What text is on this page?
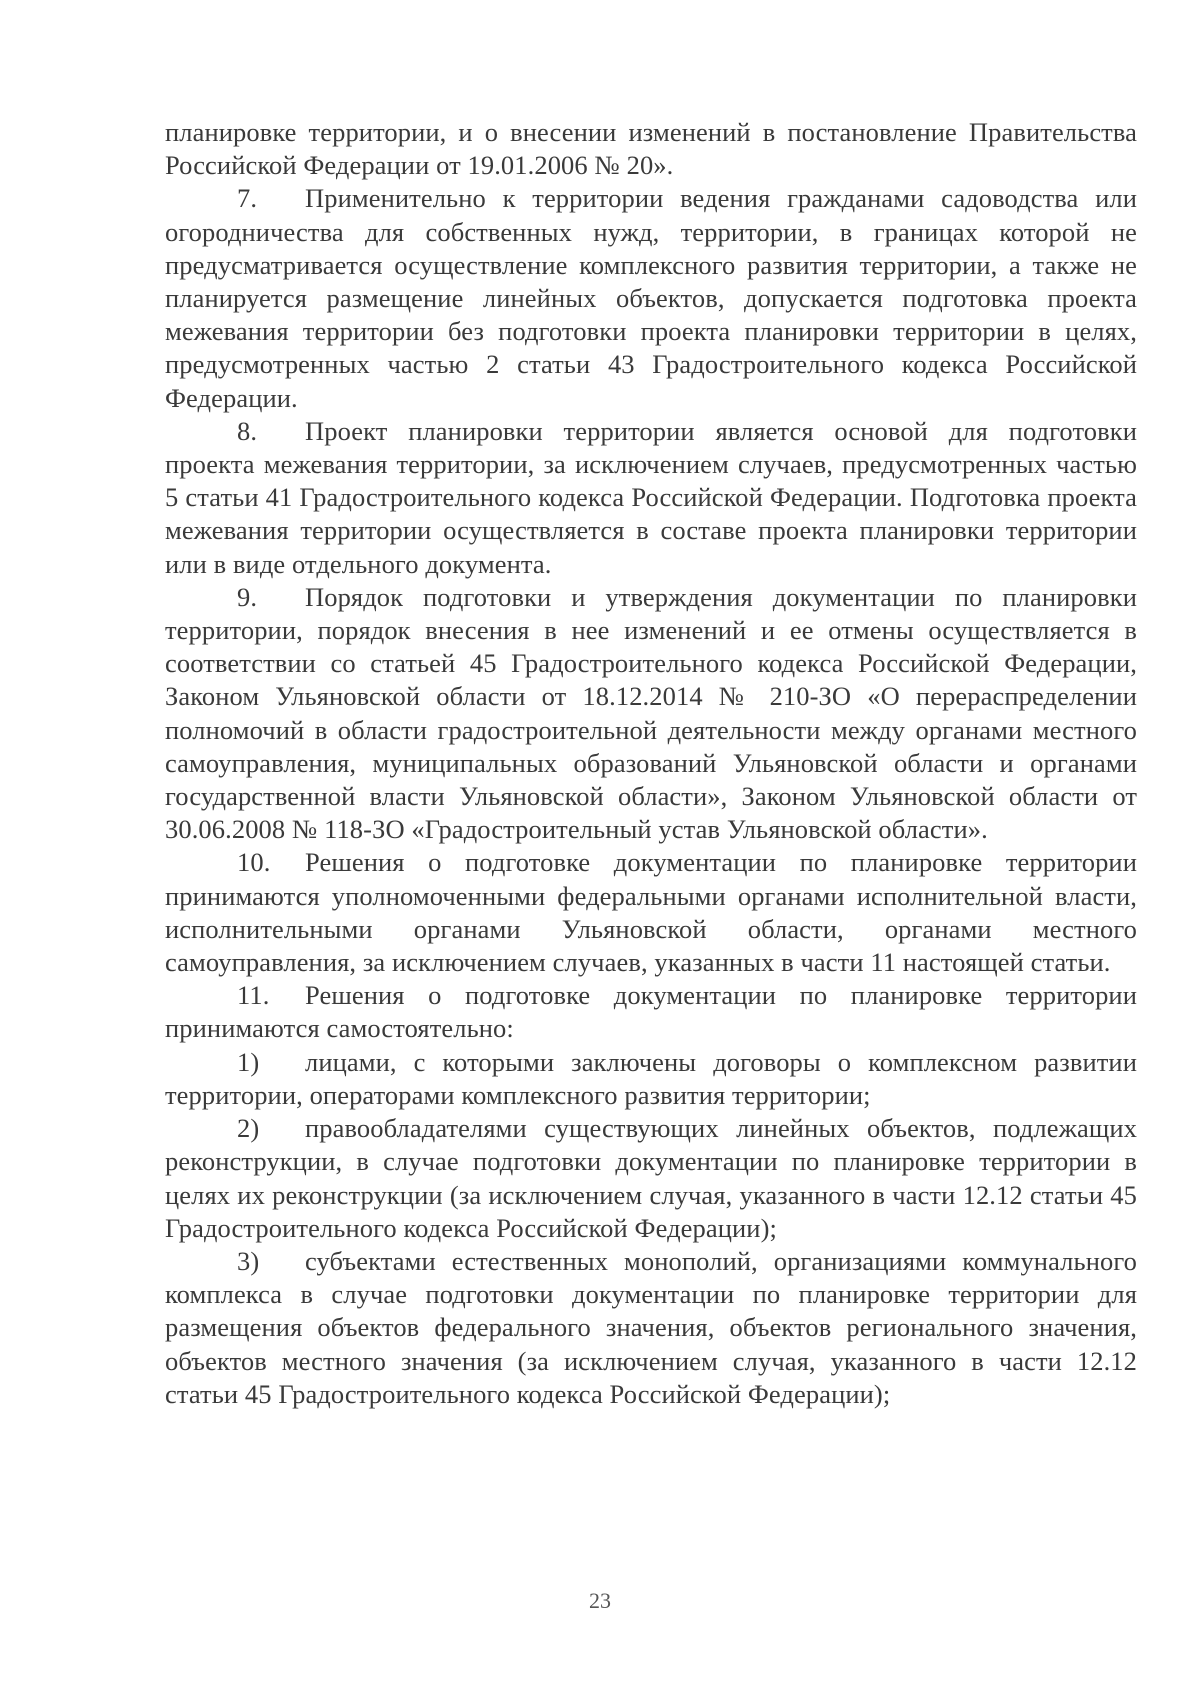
планировке территории, и о внесении изменений в постановление Правительства Российской Федерации от 19.01.2006 № 20».

7. Применительно к территории ведения гражданами садоводства или огородничества для собственных нужд, территории, в границах которой не предусматривается осуществление комплексного развития территории, а также не планируется размещение линейных объектов, допускается подготовка проекта межевания территории без подготовки проекта планировки территории в целях, предусмотренных частью 2 статьи 43 Градостроительного кодекса Российской Федерации.

8. Проект планировки территории является основой для подготовки проекта межевания территории, за исключением случаев, предусмотренных частью 5 статьи 41 Градостроительного кодекса Российской Федерации. Подготовка проекта межевания территории осуществляется в составе проекта планировки территории или в виде отдельного документа.

9. Порядок подготовки и утверждения документации по планировки территории, порядок внесения в нее изменений и ее отмены осуществляется в соответствии со статьей 45 Градостроительного кодекса Российской Федерации, Законом Ульяновской области от 18.12.2014 № 210-ЗО «О перераспределении полномочий в области градостроительной деятельности между органами местного самоуправления, муниципальных образований Ульяновской области и органами государственной власти Ульяновской области», Законом Ульяновской области от 30.06.2008 № 118-ЗО «Градостроительный устав Ульяновской области».

10. Решения о подготовке документации по планировке территории принимаются уполномоченными федеральными органами исполнительной власти, исполнительными органами Ульяновской области, органами местного самоуправления, за исключением случаев, указанных в части 11 настоящей статьи.

11. Решения о подготовке документации по планировке территории принимаются самостоятельно:

1) лицами, с которыми заключены договоры о комплексном развитии территории, операторами комплексного развития территории;

2) правообладателями существующих линейных объектов, подлежащих реконструкции, в случае подготовки документации по планировке территории в целях их реконструкции (за исключением случая, указанного в части 12.12 статьи 45 Градостроительного кодекса Российской Федерации);

3) субъектами естественных монополий, организациями коммунального комплекса в случае подготовки документации по планировке территории для размещения объектов федерального значения, объектов регионального значения, объектов местного значения (за исключением случая, указанного в части 12.12 статьи 45 Градостроительного кодекса Российской Федерации);

23
